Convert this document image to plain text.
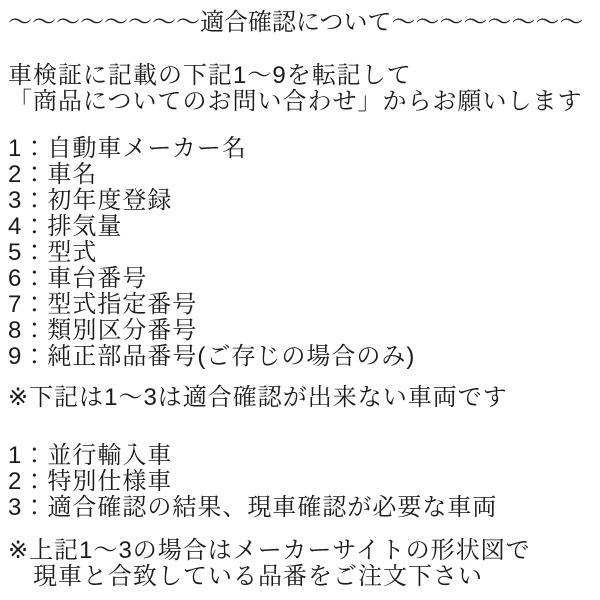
～～～～～～～～適合確認について～～～～～～～～
車検証に記載の下記1～9を転記して
「商品についてのお問い合わせ」からお願いします
1：自動車メーカー名
2：車名
3：初年度登録
4：排気量
5：型式
6：車台番号
7：型式指定番号
8：類別区分番号
9：純正部品番号(ご存じの場合のみ)
※下記は1～3は適合確認が出来ない車両です
1：並行輸入車
2：特別仕様車
3：適合確認の結果、現車確認が必要な車両
※上記1～3の場合はメーカーサイトの形状図で
現車と合致している品番をご注文下さい
